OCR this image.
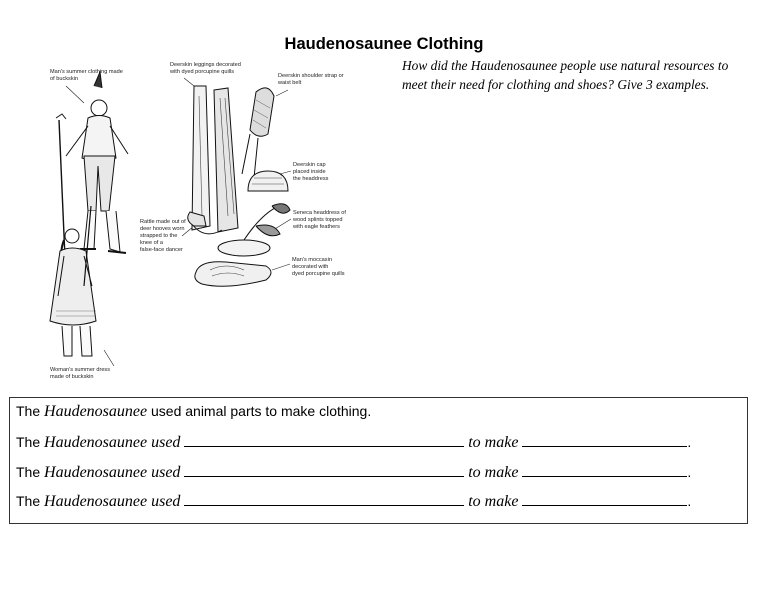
Haudenosaunee Clothing
How did the Haudenosaunee people use natural resources to meet their need for clothing and shoes? Give 3 examples.
Man's summer clothing made of buckskin
Deerskin leggings decorated with dyed porcupine quills
Deerskin shoulder strap or waist belt
Deerskin cap placed inside the headdress
Seneca headdress of wood splints topped with eagle feathers
Rattle made out of deer hooves worn strapped to the knee of a false-face dancer
Man's moccasin decorated with dyed porcupine quills
Woman's summer dress made of buckskin
The Haudenosaunee used animal parts to make clothing.
The Haudenosaunee used	to make	.
The Haudenosaunee used	to make	.
The Haudenosaunee used	to make	.
